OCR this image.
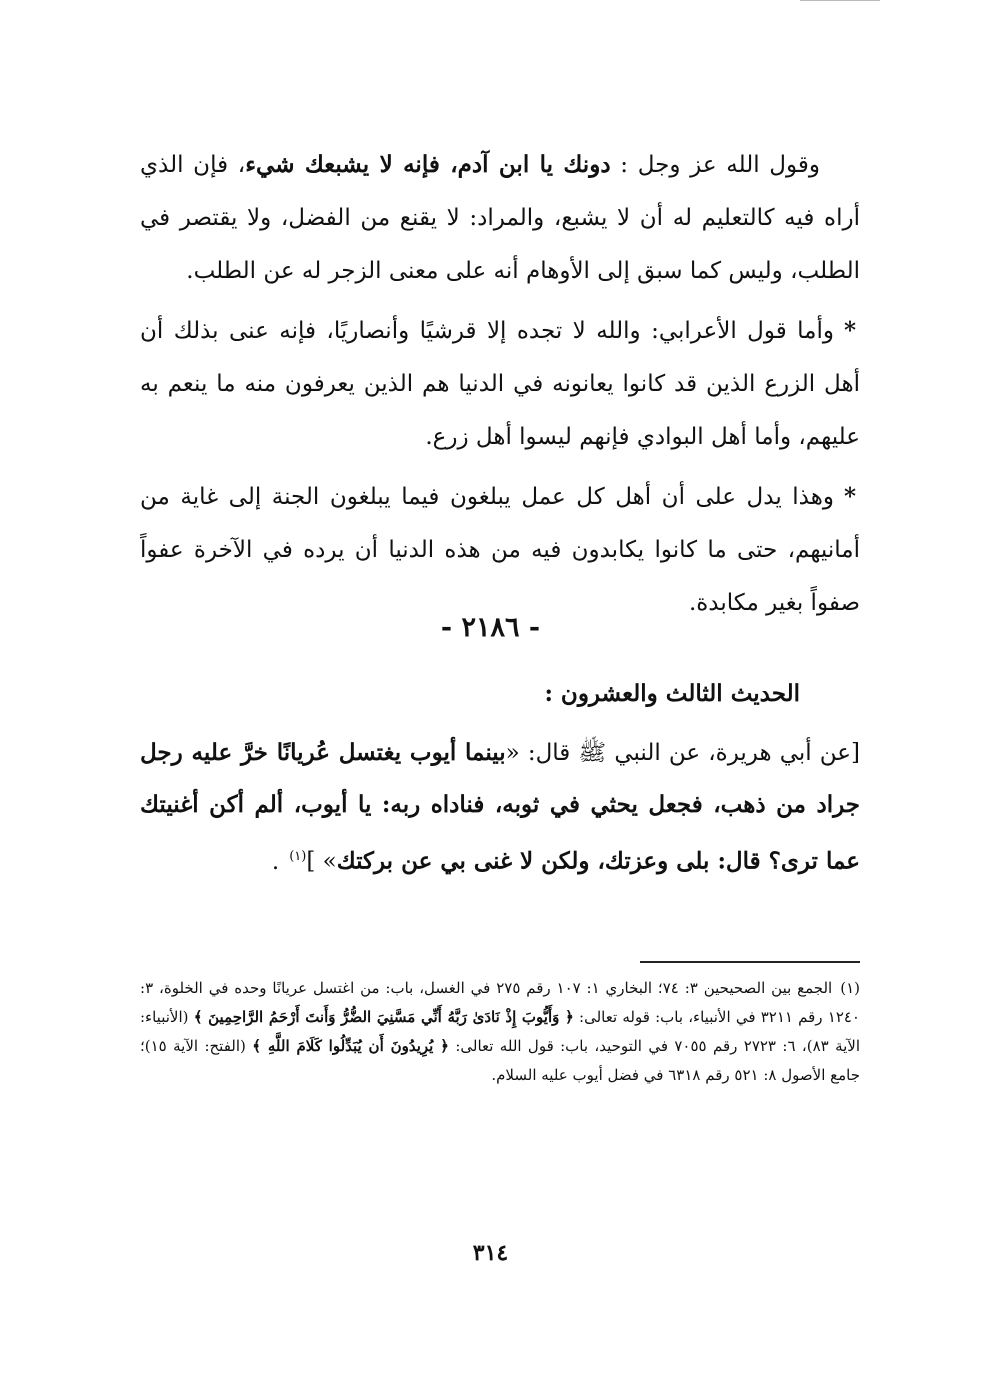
وقول الله عز وجل : دونك يا ابن آدم، فإنه لا يشبعك شيء، فإن الذي أراه فيه كالتعليم له أن لا يشبع، والمراد: لا يقنع من الفضل، ولا يقتصر في الطلب، وليس كما سبق إلى الأوهام أنه على معنى الزجر له عن الطلب.

*وأما قول الأعرابي: والله لا تجده إلا قرشيًا وأنصاريًا، فإنه عنى بذلك أن أهل الزرع الذين قد كانوا يعانونه في الدنيا هم الذين يعرفون منه ما ينعم به عليهم، وأما أهل البوادي فإنهم ليسوا أهل زرع.

*وهذا يدل على أن أهل كل عمل يبلغون فيما يبلغون الجنة إلى غاية من أمانيهم، حتى ما كانوا يكابدون فيه من هذه الدنيا أن يرده في الآخرة عفواً صفواً بغير مكابدة.

- ٢١٨٦ -
الحديث الثالث والعشرون :
[عن أبي هريرة، عن النبي ﷺ قال: «بينما أيوب يغتسل عُريانًا خرَّ عليه رجل جراد من ذهب، فجعل يحثي في ثوبه، فناداه ربه: يا أيوب، ألم أكن أغنيتك عما ترى؟ قال: بلى وعزتك، ولكن لا غنى بي عن بركتك» ]$^{(١)}$.
(١)الجمع بين الصحيحين ٣: ٧٤؛ البخاري ١: ١٠٧ رقم ٢٧٥ في الغسل، باب: من اغتسل عريانًا وحده في الخلوة، ٣: ١٢٤٠ رقم ٣٢١١ في الأنبياء، باب: قوله تعالى: ﴿ وَأَيُّوبَ إِذْ نَادَىٰ رَبَّهُ أَنِّي مَسَّنِيَ الضُّرُّ وَأَنتَ أَرْحَمُ الرَّاحِمِينَ ﴾ (الأنبياء: الآية ٨٣)، ٦: ٢٧٢٣ رقم ٧٠٥٥ في التوحيد، باب: قول الله تعالى: ﴿ يُرِيدُونَ أَن يُبَدِّلُوا كَلَامَ اللَّهِ ﴾ (الفتح: الآية ١٥)؛ جامع الأصول ٨: ٥٢١ رقم ٦٣١٨ في فضل أيوب عليه السلام.
٣١٤
